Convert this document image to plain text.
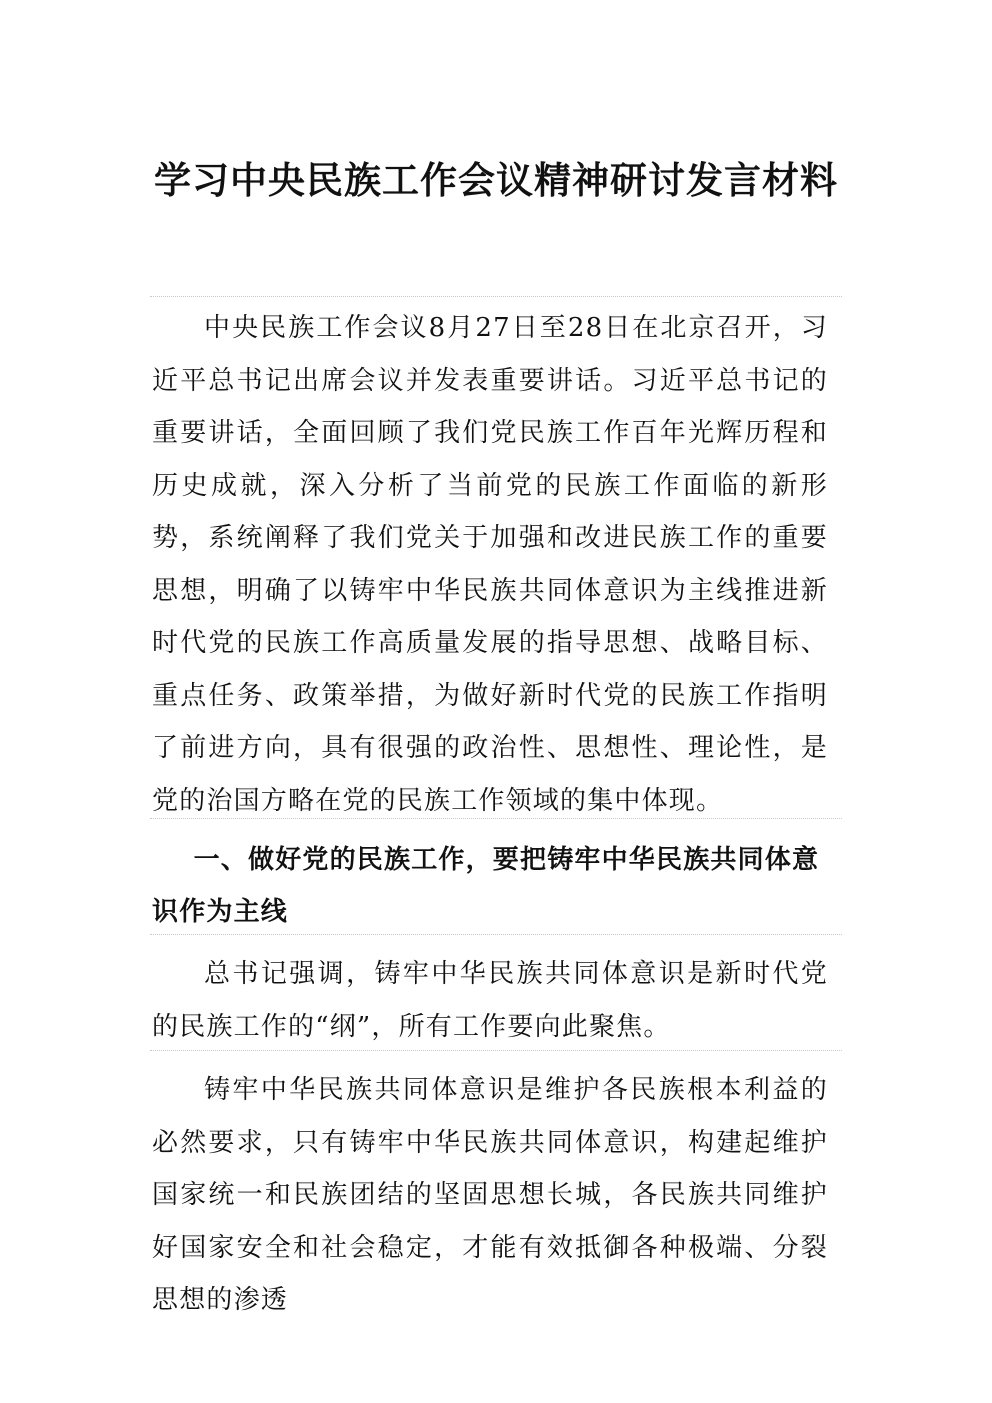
学习中央民族工作会议精神研讨发言材料

中央民族工作会议8月27日至28日在北京召开，习近平总书记出席会议并发表重要讲话。习近平总书记的重要讲话，全面回顾了我们党民族工作百年光辉历程和历史成就，深入分析了当前党的民族工作面临的新形势，系统阐释了我们党关于加强和改进民族工作的重要思想，明确了以铸牢中华民族共同体意识为主线推进新时代党的民族工作高质量发展的指导思想、战略目标、重点任务、政策举措，为做好新时代党的民族工作指明了前进方向，具有很强的政治性、思想性、理论性，是党的治国方略在党的民族工作领域的集中体现。

一、做好党的民族工作，要把铸牢中华民族共同体意识作为主线

总书记强调，铸牢中华民族共同体意识是新时代党的民族工作的“纲”，所有工作要向此聚焦。

铸牢中华民族共同体意识是维护各民族根本利益的必然要求，只有铸牢中华民族共同体意识，构建起维护国家统一和民族团结的坚固思想长城，各民族共同维护好国家安全和社会稳定，才能有效抵御各种极端、分裂思想的渗透
